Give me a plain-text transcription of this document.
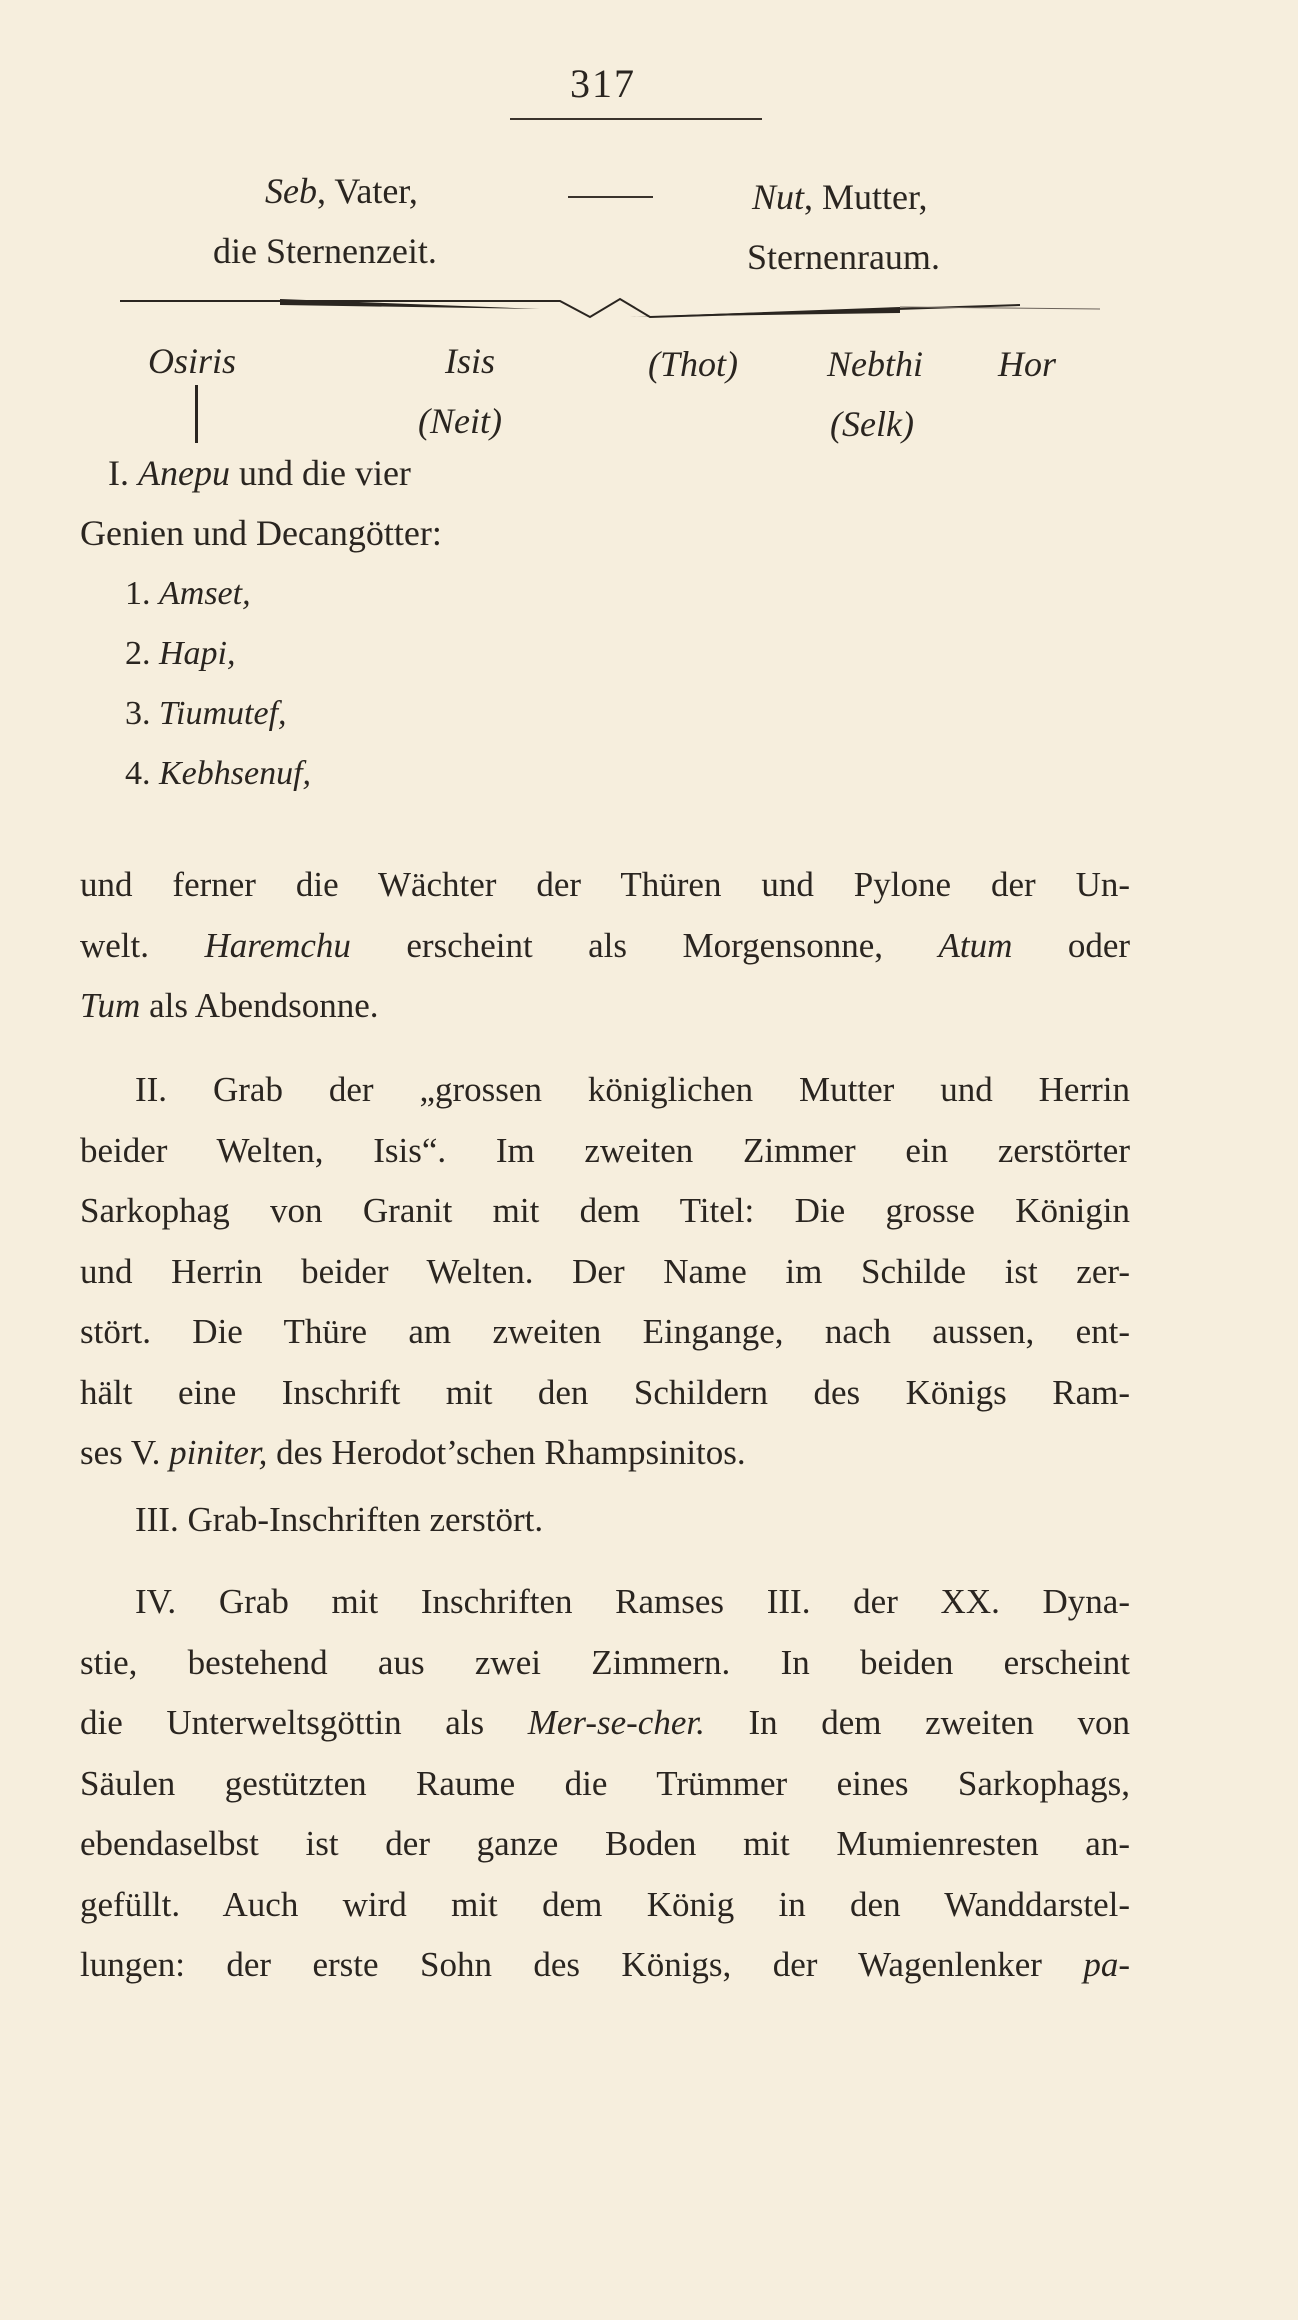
317
Seb, Vater,
die Sternenzeit.
Nut, Mutter,
Sternenraum.
Osiris	Isis	(Thot) Nebthi Hor
(Neit)	(Selk)
I. Anepu und die vier
Genien und Decangötter:
1. Amset,
2. Hapi,
3. Tiumutef,
4. Kebhsenuf,
und ferner die Wächter der Thüren und Pylone der Un-
welt. Haremchu erscheint als Morgensonne, Atum oder
Tum als Abendsonne.
II. Grab der „grossen königlichen Mutter und Herrin
beider Welten, Isis“. Im zweiten Zimmer ein zerstörter
Sarkophag von Granit mit dem Titel: Die grosse Königin
und Herrin beider Welten. Der Name im Schilde ist zer-
stört. Die Thüre am zweiten Eingange, nach aussen, ent-
hält eine Inschrift mit den Schildern des Königs Ram-
ses V. piniter, des Herodot’schen Rhampsinitos.
III. Grab-Inschriften zerstört.
IV. Grab mit Inschriften Ramses III. der XX. Dyna-
stie, bestehend aus zwei Zimmern. In beiden erscheint
die Unterweltsgöttin als Mer-se-cher. In dem zweiten von
Säulen gestützten Raume die Trümmer eines Sarkophags,
ebendaselbst ist der ganze Boden mit Mumienresten an-
gefüllt. Auch wird mit dem König in den Wanddarstel-
lungen: der erste Sohn des Königs, der Wagenlenker pa-
